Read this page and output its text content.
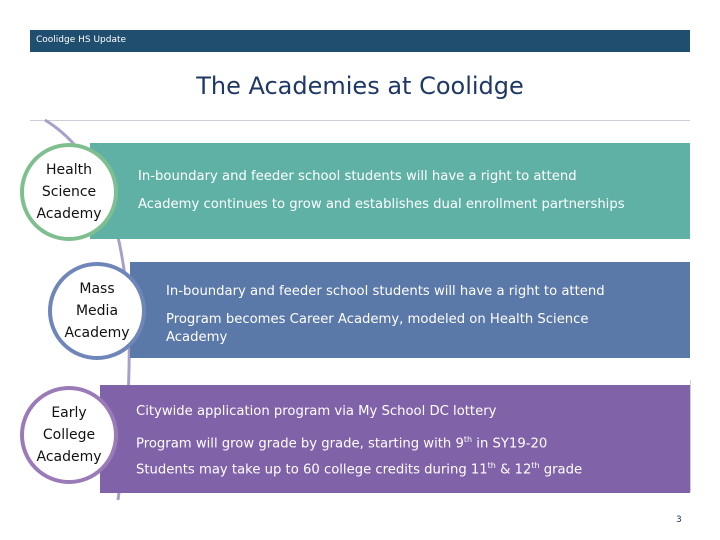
Coolidge HS Update
The Academies at Coolidge
In-boundary and feeder school students will have a right to attend
Academy continues to grow and establishes dual enrollment partnerships
In-boundary and feeder school students will have a right to attend
Program becomes Career Academy, modeled on Health Science
Academy
Citywide application program via My School DC lottery
Program will grow grade by grade, starting with 9th in SY19-20
Students may take up to 60 college credits during 11th & 12th grade
Health
Science
Academy
Mass
Media
Academy
Early
College
Academy
3
